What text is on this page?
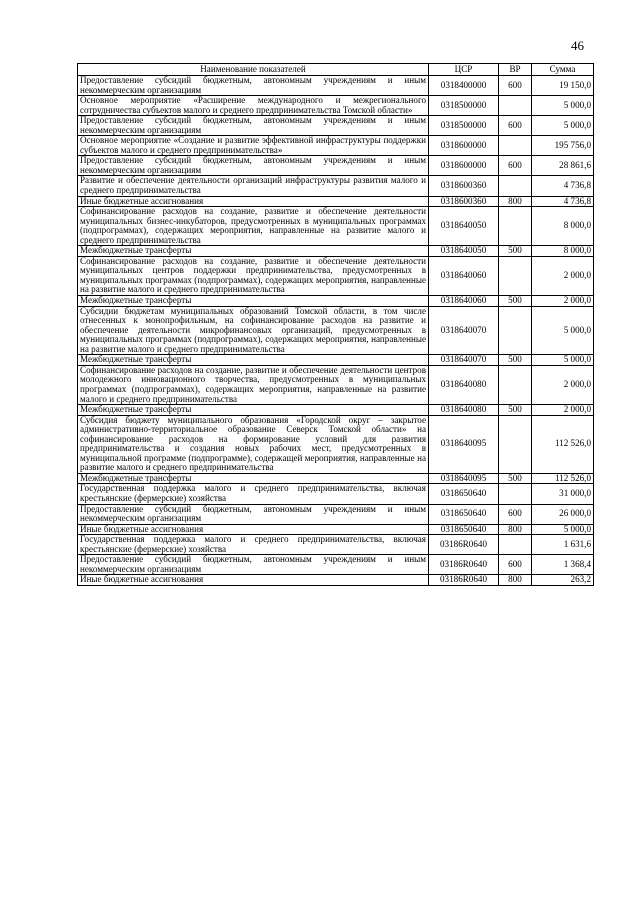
46
Наименование показателей	ЦСР	ВР	Сумма
Предоставление субсидий бюджетным, автономным учреждениям и иным некоммерческим организациям	0318400000	600	19 150,0
Основное мероприятие «Расширение международного и межрегионального сотрудничества субъектов малого и среднего предпринимательства Томской области»	0318500000		5 000,0
Предоставление субсидий бюджетным, автономным учреждениям и иным некоммерческим организациям	0318500000	600	5 000,0
Основное мероприятие «Создание и развитие эффективной инфраструктуры поддержки субъектов малого и среднего предпринимательства»	0318600000		195 756,0
Предоставление субсидий бюджетным, автономным учреждениям и иным некоммерческим организациям	0318600000	600	28 861,6
Развитие и обеспечение деятельности организаций инфраструктуры развития малого и среднего предпринимательства	0318600360		4 736,8
Иные бюджетные ассигнования	0318600360	800	4 736,8
Софинансирование расходов на создание, развитие и обеспечение деятельности муниципальных бизнес-инкубаторов, предусмотренных в муниципальных программах (подпрограммах), содержащих мероприятия, направленные на развитие малого и среднего предпринимательства	0318640050		8 000,0
Межбюджетные трансферты	0318640050	500	8 000,0
Софинансирование расходов на создание, развитие и обеспечение деятельности муниципальных центров поддержки предпринимательства, предусмотренных в муниципальных программах (подпрограммах), содержащих мероприятия, направленные на развитие малого и среднего предпринимательства	0318640060		2 000,0
Межбюджетные трансферты	0318640060	500	2 000,0
Субсидии бюджетам муниципальных образований Томской области, в том числе отнесенных к монопрофильным, на софинансирование расходов на развитие и обеспечение деятельности микрофинансовых организаций, предусмотренных в муниципальных программах (подпрограммах), содержащих мероприятия, направленные на развитие малого и среднего предпринимательства	0318640070		5 000,0
Межбюджетные трансферты	0318640070	500	5 000,0
Софинансирование расходов на создание, развитие и обеспечение деятельности центров молодежного инновационного творчества, предусмотренных в муниципальных программах (подпрограммах), содержащих мероприятия, направленные на развитие малого и среднего предпринимательства	0318640080		2 000,0
Межбюджетные трансферты	0318640080	500	2 000,0
Субсидия бюджету муниципального образования «Городской округ – закрытое административно-территориальное образование Северск Томской области» на софинансирование расходов на формирование условий для развития предпринимательства и создания новых рабочих мест, предусмотренных в муниципальной программе (подпрограмме), содержащей мероприятия, направленные на развитие малого и среднего предпринимательства	0318640095		112 526,0
Межбюджетные трансферты	0318640095	500	112 526,0
Государственная поддержка малого и среднего предпринимательства, включая крестьянские (фермерские) хозяйства	0318650640		31 000,0
Предоставление субсидий бюджетным, автономным учреждениям и иным некоммерческим организациям	0318650640	600	26 000,0
Иные бюджетные ассигнования	0318650640	800	5 000,0
Государственная поддержка малого и среднего предпринимательства, включая крестьянские (фермерские) хозяйства	03186R0640		1 631,6
Предоставление субсидий бюджетным, автономным учреждениям и иным некоммерческим организациям	03186R0640	600	1 368,4
Иные бюджетные ассигнования	03186R0640	800	263,2
